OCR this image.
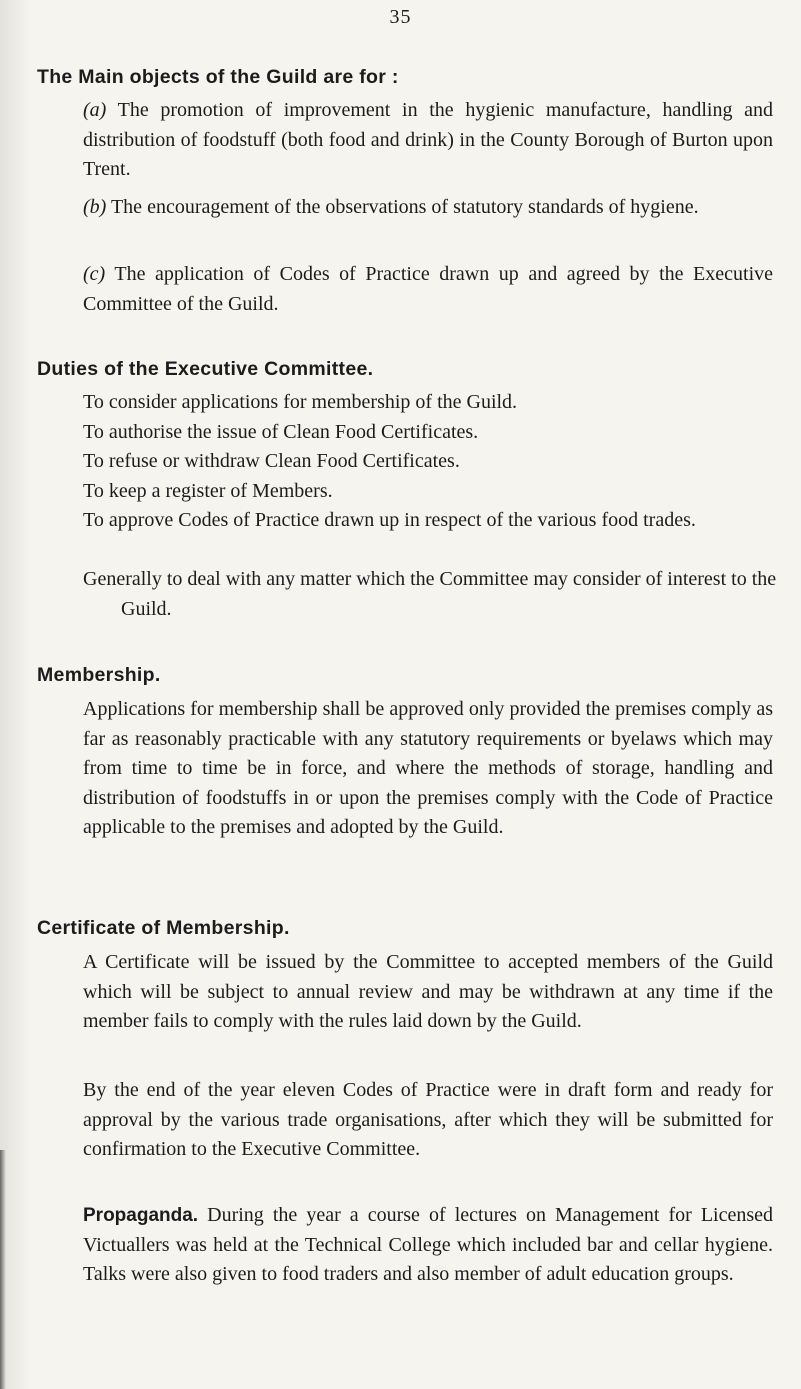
35
The Main objects of the Guild are for :
(a) The promotion of improvement in the hygienic manufacture, handling and distribution of foodstuff (both food and drink) in the County Borough of Burton upon Trent.
(b) The encouragement of the observations of statutory standards of hygiene.
(c) The application of Codes of Practice drawn up and agreed by the Executive Committee of the Guild.
Duties of the Executive Committee.
To consider applications for membership of the Guild.
To authorise the issue of Clean Food Certificates.
To refuse or withdraw Clean Food Certificates.
To keep a register of Members.
To approve Codes of Practice drawn up in respect of the various food trades.
Generally to deal with any matter which the Committee may consider of interest to the Guild.
Membership.
Applications for membership shall be approved only provided the premises comply as far as reasonably practicable with any statutory requirements or byelaws which may from time to time be in force, and where the methods of storage, handling and distribution of foodstuffs in or upon the premises comply with the Code of Practice applicable to the premises and adopted by the Guild.
Certificate of Membership.
A Certificate will be issued by the Committee to accepted members of the Guild which will be subject to annual review and may be withdrawn at any time if the member fails to comply with the rules laid down by the Guild.
By the end of the year eleven Codes of Practice were in draft form and ready for approval by the various trade organisations, after which they will be submitted for confirmation to the Executive Committee.
Propaganda. During the year a course of lectures on Management for Licensed Victuallers was held at the Technical College which included bar and cellar hygiene. Talks were also given to food traders and also member of adult education groups.
